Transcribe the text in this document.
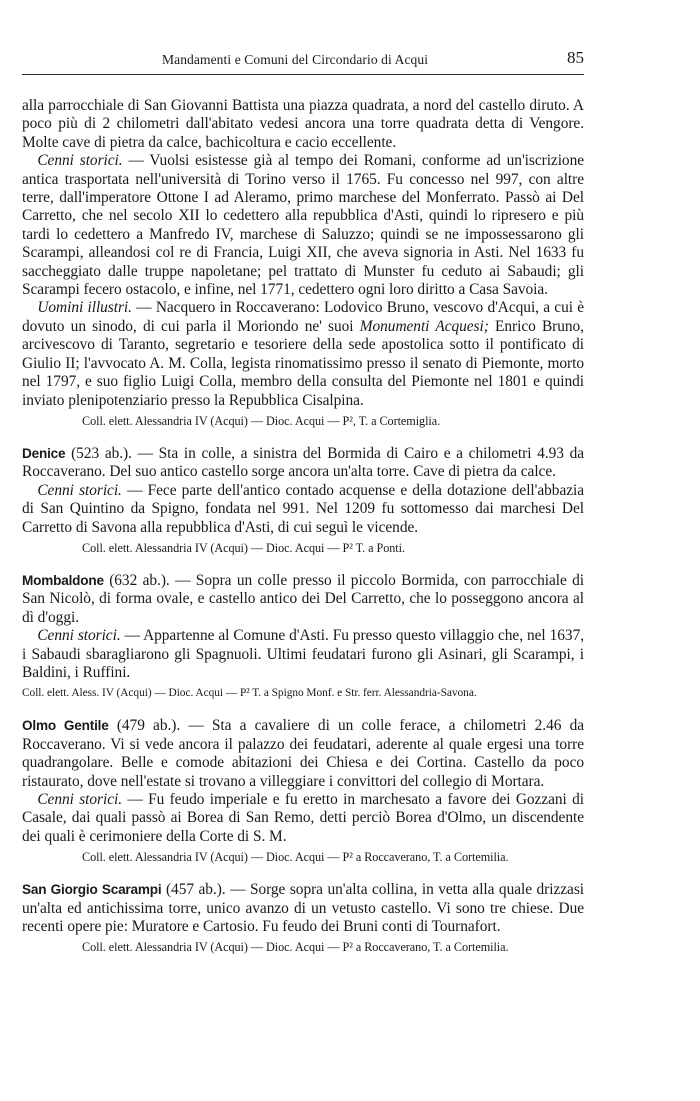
Mandamenti e Comuni del Circondario di Acqui	85

alla parrocchiale di San Giovanni Battista una piazza quadrata, a nord del castello diruto. A poco più di 2 chilometri dall'abitato vedesi ancora una torre quadrata detta di Vengore. Molte cave di pietra da calce, bachicoltura e cacio eccellente.

 Cenni storici. — Vuolsi esistesse già al tempo dei Romani, conforme ad un'iscrizione antica trasportata nell'università di Torino verso il 1765. Fu concesso nel 997, con altre terre, dall'imperatore Ottone I ad Aleramo, primo marchese del Monferrato. Passò ai Del Carretto, che nel secolo XII lo cedettero alla repubblica d'Asti, quindi lo ripresero e più tardi lo cedettero a Manfredo IV, marchese di Saluzzo; quindi se ne impossessarono gli Scarampi, alleandosi col re di Francia, Luigi XII, che aveva signoria in Asti. Nel 1633 fu saccheggiato dalle truppe napoletane; pel trattato di Munster fu ceduto ai Sabaudi; gli Scarampi fecero ostacolo, e infine, nel 1771, cedettero ogni loro diritto a Casa Savoia.

 Uomini illustri. — Nacquero in Roccaverano: Lodovico Bruno, vescovo d'Acqui, a cui è dovuto un sinodo, di cui parla il Moriondo ne' suoi Monumenti Acquesi; Enrico Bruno, arcivescovo di Taranto, segretario e tesoriere della sede apostolica sotto il pontificato di Giulio II; l'avvocato A. M. Colla, legista rinomatissimo presso il senato di Piemonte, morto nel 1797, e suo figlio Luigi Colla, membro della consulta del Piemonte nel 1801 e quindi inviato plenipotenziario presso la Repubblica Cisalpina.

Coll. elett. Alessandria IV (Acqui) — Dioc. Acqui — P², T. a Cortemiglia.

Denice (523 ab.). — Sta in colle, a sinistra del Bormida di Cairo e a chilometri 4.93 da Roccaverano. Del suo antico castello sorge ancora un'alta torre. Cave di pietra da calce.

 Cenni storici. — Fece parte dell'antico contado acquense e della dotazione dell'abbazia di San Quintino da Spigno, fondata nel 991. Nel 1209 fu sottomesso dai marchesi Del Carretto di Savona alla repubblica d'Asti, di cui seguì le vicende.

Coll. elett. Alessandria IV (Acqui) — Dioc. Acqui — P² T. a Ponti.

Mombaldone (632 ab.). — Sopra un colle presso il piccolo Bormida, con parrocchiale di San Nicolò, di forma ovale, e castello antico dei Del Carretto, che lo posseggono ancora al dì d'oggi.

 Cenni storici. — Appartenne al Comune d'Asti. Fu presso questo villaggio che, nel 1637, i Sabaudi sbaragliarono gli Spagnuoli. Ultimi feudatari furono gli Asinari, gli Scarampi, i Baldini, i Ruffini.

Coll. elett. Aless. IV (Acqui) — Dioc. Acqui — P² T. a Spigno Monf. e Str. ferr. Alessandria-Savona.

Olmo Gentile (479 ab.). — Sta a cavaliere di un colle ferace, a chilometri 2.46 da Roccaverano. Vi si vede ancora il palazzo dei feudatari, aderente al quale ergesi una torre quadrangolare. Belle e comode abitazioni dei Chiesa e dei Cortina. Castello da poco ristaurato, dove nell'estate si trovano a villeggiare i convittori del collegio di Mortara.

 Cenni storici. — Fu feudo imperiale e fu eretto in marchesato a favore dei Gozzani di Casale, dai quali passò ai Borea di San Remo, detti perciò Borea d'Olmo, un discendente dei quali è cerimoniere della Corte di S. M.

Coll. elett. Alessandria IV (Acqui) — Dioc. Acqui — P² a Roccaverano, T. a Cortemilia.

San Giorgio Scarampi (457 ab.). — Sorge sopra un'alta collina, in vetta alla quale drizzasi un'alta ed antichissima torre, unico avanzo di un vetusto castello. Vi sono tre chiese. Due recenti opere pie: Muratore e Cartosio. Fu feudo dei Bruni conti di Tournafort.

Coll. elett. Alessandria IV (Acqui) — Dioc. Acqui — P² a Roccaverano, T. a Cortemilia.
